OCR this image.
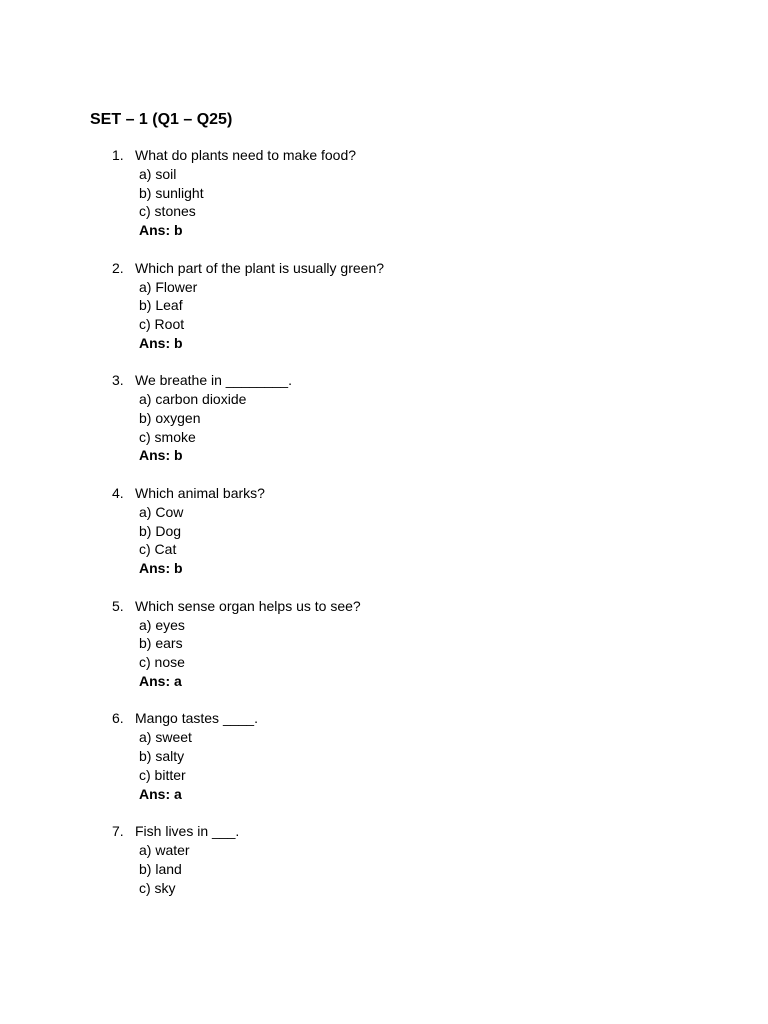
SET – 1 (Q1 – Q25)
1. What do plants need to make food?
a) soil
b) sunlight
c) stones
Ans: b
2. Which part of the plant is usually green?
a) Flower
b) Leaf
c) Root
Ans: b
3. We breathe in ________.
a) carbon dioxide
b) oxygen
c) smoke
Ans: b
4. Which animal barks?
a) Cow
b) Dog
c) Cat
Ans: b
5. Which sense organ helps us to see?
a) eyes
b) ears
c) nose
Ans: a
6. Mango tastes ____.
a) sweet
b) salty
c) bitter
Ans: a
7. Fish lives in ___.
a) water
b) land
c) sky
